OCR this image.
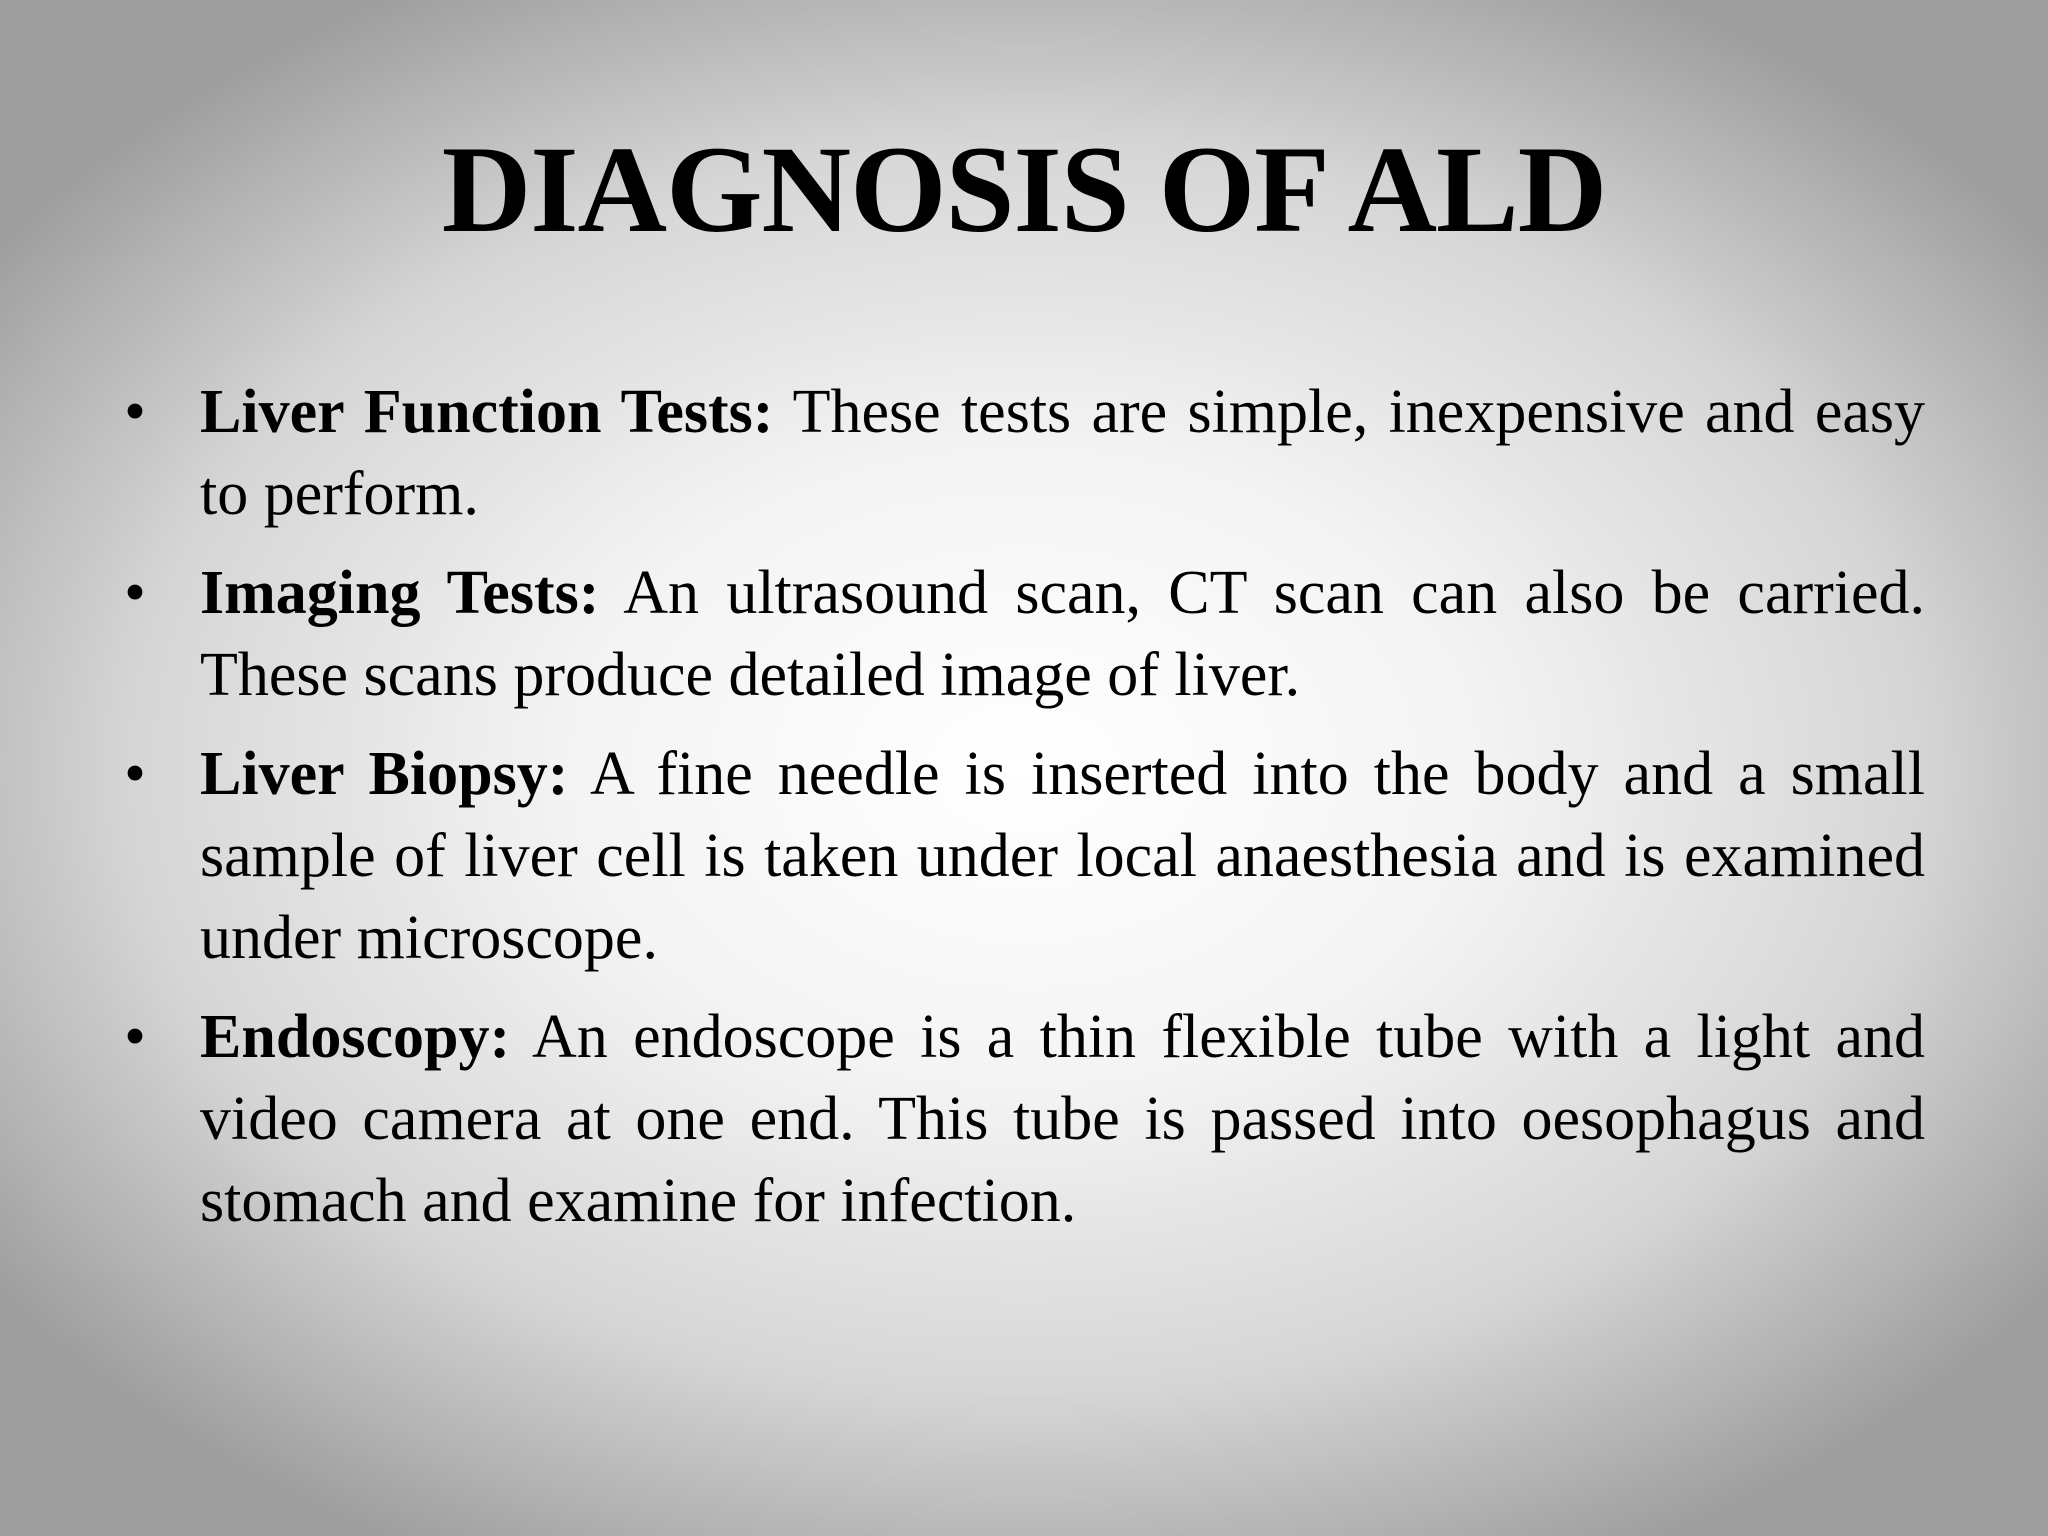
DIAGNOSIS OF ALD
• Liver Function Tests: These tests are simple, inexpensive and easy to perform.
• Imaging Tests: An ultrasound scan, CT scan can also be carried. These scans produce detailed image of liver.
• Liver Biopsy: A fine needle is inserted into the body and a small sample of liver cell is taken under local anaesthesia and is examined under microscope.
• Endoscopy: An endoscope is a thin flexible tube with a light and video camera at one end. This tube is passed into oesophagus and stomach and examine for infection.
